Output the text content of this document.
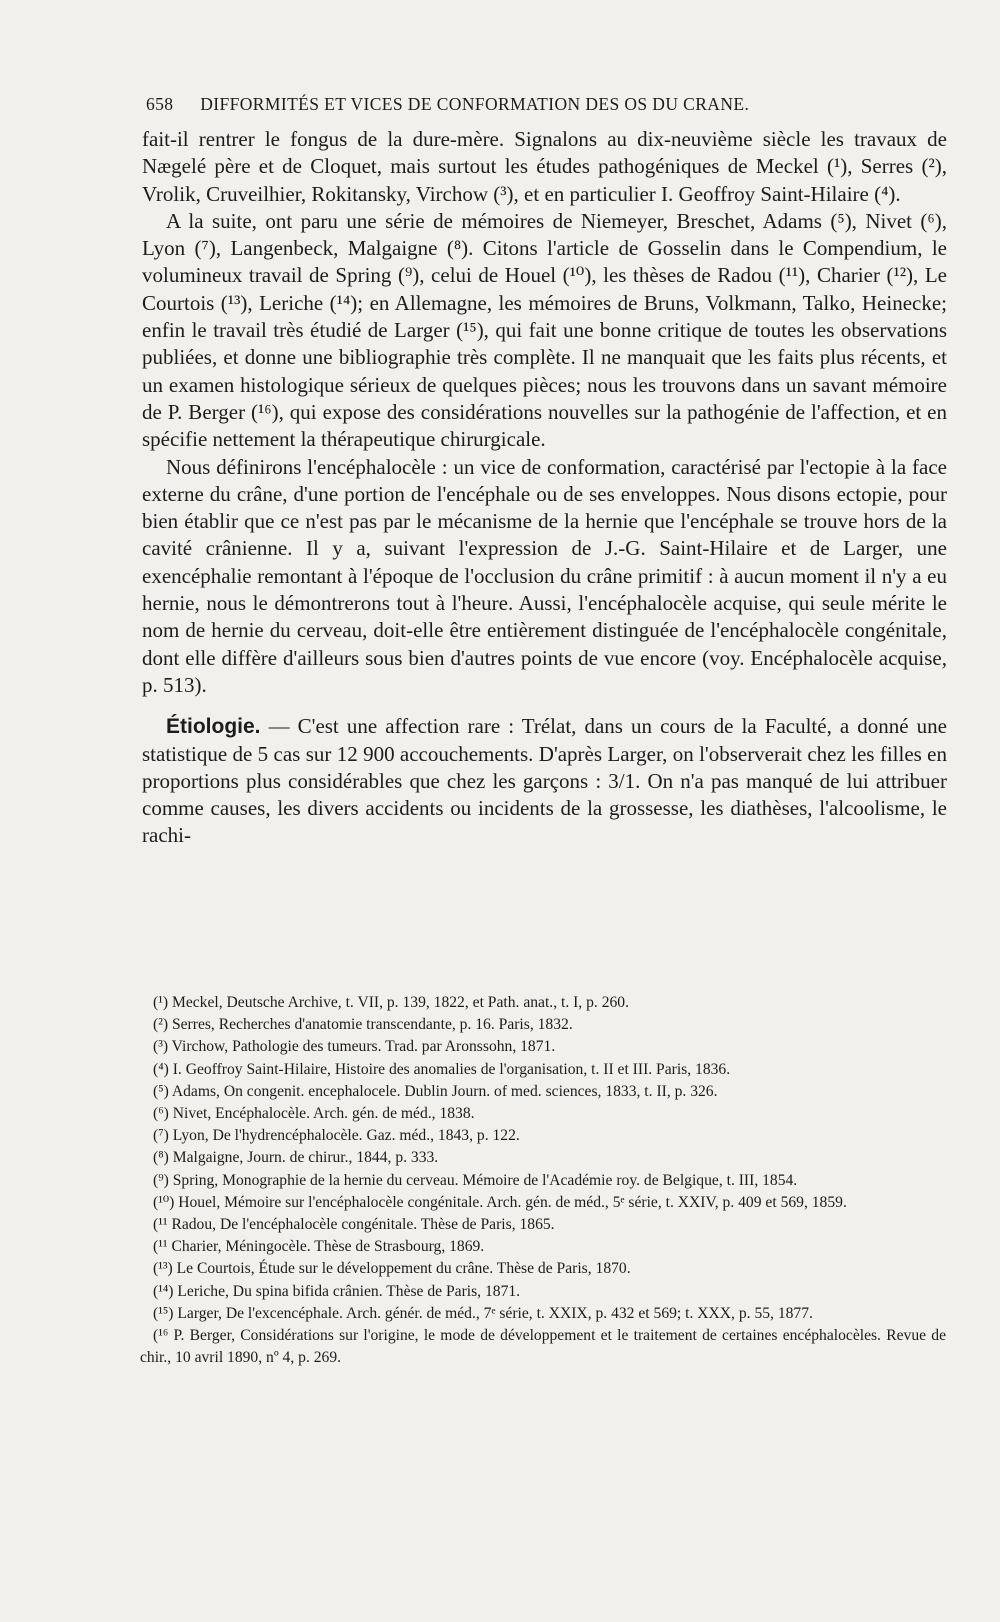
658 DIFFORMITÉS ET VICES DE CONFORMATION DES OS DU CRANE.

fait-il rentrer le fongus de la dure-mère. Signalons au dix-neuvième siècle les travaux de Nægelé père et de Cloquet, mais surtout les études pathogéniques de Meckel (¹), Serres (²), Vrolik, Cruveilhier, Rokitansky, Virchow (³), et en particulier I. Geoffroy Saint-Hilaire (⁴).

A la suite, ont paru une série de mémoires de Niemeyer, Breschet, Adams (⁵), Nivet (⁶), Lyon (⁷), Langenbeck, Malgaigne (⁸). Citons l'article de Gosselin dans le Compendium, le volumineux travail de Spring (⁹), celui de Houel (¹⁰), les thèses de Radou (¹¹), Charier (¹²), Le Courtois (¹³), Leriche (¹⁴); en Allemagne, les mémoires de Bruns, Volkmann, Talko, Heinecke; enfin le travail très étudié de Larger (¹⁵), qui fait une bonne critique de toutes les observations publiées, et donne une bibliographie très complète. Il ne manquait que les faits plus récents, et un examen histologique sérieux de quelques pièces; nous les trouvons dans un savant mémoire de P. Berger (¹⁶), qui expose des considérations nouvelles sur la pathogénie de l'affection, et en spécifie nettement la thérapeutique chirurgicale.

Nous définirons l'encéphalocèle : un vice de conformation, caractérisé par l'ectopie à la face externe du crâne, d'une portion de l'encéphale ou de ses enveloppes. Nous disons ectopie, pour bien établir que ce n'est pas par le mécanisme de la hernie que l'encéphale se trouve hors de la cavité crânienne. Il y a, suivant l'expression de J.-G. Saint-Hilaire et de Larger, une exencéphalie remontant à l'époque de l'occlusion du crâne primitif : à aucun moment il n'y a eu hernie, nous le démontrerons tout à l'heure. Aussi, l'encéphalocèle acquise, qui seule mérite le nom de hernie du cerveau, doit-elle être entièrement distinguée de l'encéphalocèle congénitale, dont elle diffère d'ailleurs sous bien d'autres points de vue encore (voy. Encéphalocèle acquise, p. 513).

Étiologie. — C'est une affection rare : Trélat, dans un cours de la Faculté, a donné une statistique de 5 cas sur 12 900 accouchements. D'après Larger, on l'observerait chez les filles en proportions plus considérables que chez les garçons : 3/1. On n'a pas manqué de lui attribuer comme causes, les divers accidents ou incidents de la grossesse, les diathèses, l'alcoolisme, le rachi-

(¹) Meckel, Deutsche Archive, t. VII, p. 139, 1822, et Path. anat., t. I, p. 260.

(²) Serres, Recherches d'anatomie transcendante, p. 16. Paris, 1832.

(³) Virchow, Pathologie des tumeurs. Trad. par Aronssohn, 1871.

(⁴) I. Geoffroy Saint-Hilaire, Histoire des anomalies de l'organisation, t. II et III. Paris, 1836.

(⁵) Adams, On congenit. encephalocele. Dublin Journ. of med. sciences, 1833, t. II, p. 326.

(⁶) Nivet, Encéphalocèle. Arch. gén. de méd., 1838.

(⁷) Lyon, De l'hydrencéphalocèle. Gaz. méd., 1843, p. 122.

(⁸) Malgaigne, Journ. de chirur., 1844, p. 333.

(⁹) Spring, Monographie de la hernie du cerveau. Mémoire de l'Académie roy. de Belgique, t. III, 1854.

(¹⁰) Houel, Mémoire sur l'encéphalocèle congénitale. Arch. gén. de méd., 5ᵉ série, t. XXIV, p. 409 et 569, 1859.

(¹¹ Radou, De l'encéphalocèle congénitale. Thèse de Paris, 1865.

(¹¹ Charier, Méningocèle. Thèse de Strasbourg, 1869.

(¹³) Le Courtois, Étude sur le développement du crâne. Thèse de Paris, 1870.

(¹⁴) Leriche, Du spina bifida crânien. Thèse de Paris, 1871.

(¹⁵) Larger, De l'excencéphale. Arch. génér. de méd., 7ᵉ série, t. XXIX, p. 432 et 569; t. XXX, p. 55, 1877.

(¹⁶ P. Berger, Considérations sur l'origine, le mode de développement et le traitement de certaines encéphalocèles. Revue de chir., 10 avril 1890, nº 4, p. 269.
